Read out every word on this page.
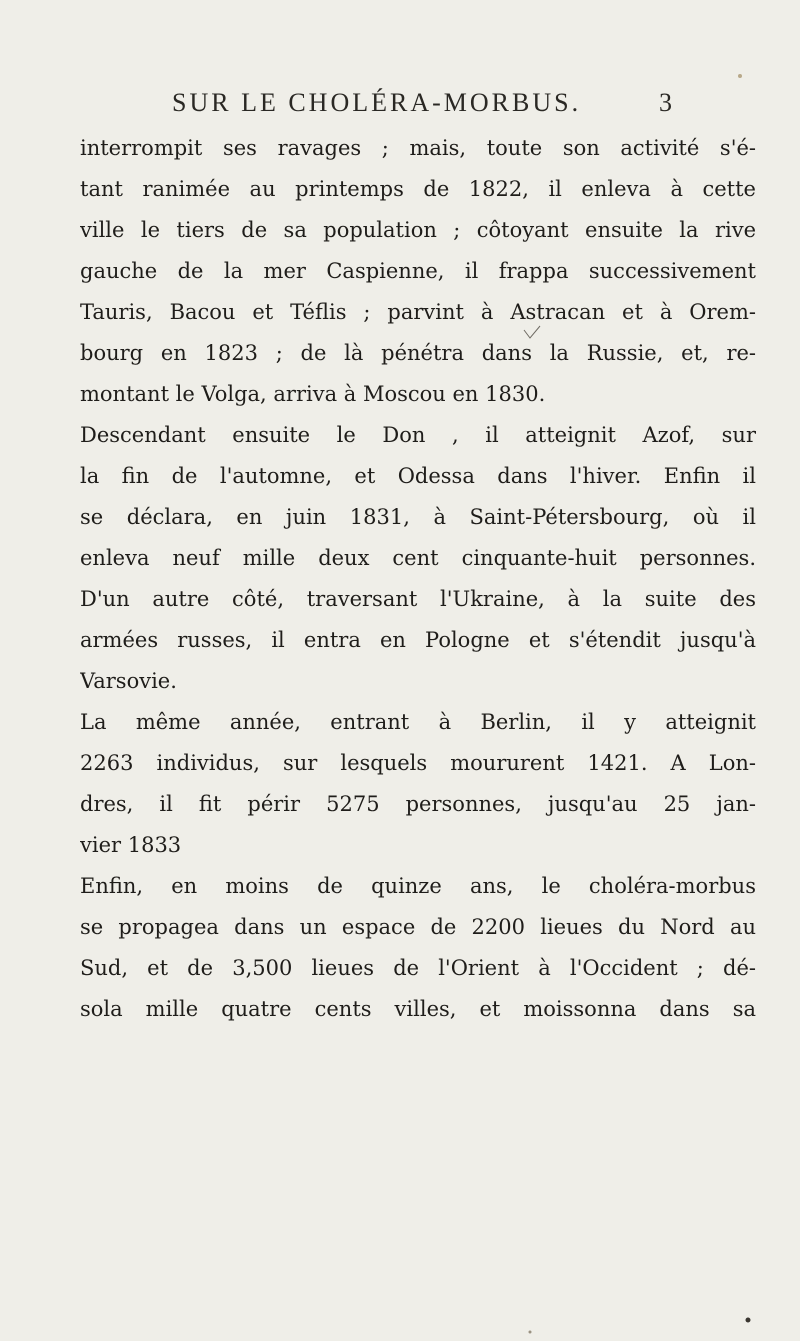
SUR LE CHOLÉRA-MORBUS.	3
interrompit ses ravages ; mais, toute son activité s'é-
tant ranimée au printemps de 1822, il enleva à cette
ville le tiers de sa population ; côtoyant ensuite la rive
gauche de la mer Caspienne, il frappa successivement
Tauris, Bacou et Téflis ; parvint à Astracan et à Orem-
bourg en 1823 ; de là pénétra dans la Russie, et, re-
montant le Volga, arriva à Moscou en 1830.
Descendant ensuite le Don , il atteignit Azof, sur
la fin de l'automne, et Odessa dans l'hiver. Enfin il
se déclara, en juin 1831, à Saint-Pétersbourg, où il
enleva neuf mille deux cent cinquante-huit personnes.
D'un autre côté, traversant l'Ukraine, à la suite des
armées russes, il entra en Pologne et s'étendit jusqu'à
Varsovie.
La même année, entrant à Berlin, il y atteignit
2263 individus, sur lesquels moururent 1421. A Lon-
dres, il fit périr 5275 personnes, jusqu'au 25 jan-
vier 1833
Enfin, en moins de quinze ans, le choléra-morbus
se propagea dans un espace de 2200 lieues du Nord au
Sud, et de 3,500 lieues de l'Orient à l'Occident ; dé-
sola mille quatre cents villes, et moissonna dans sa
